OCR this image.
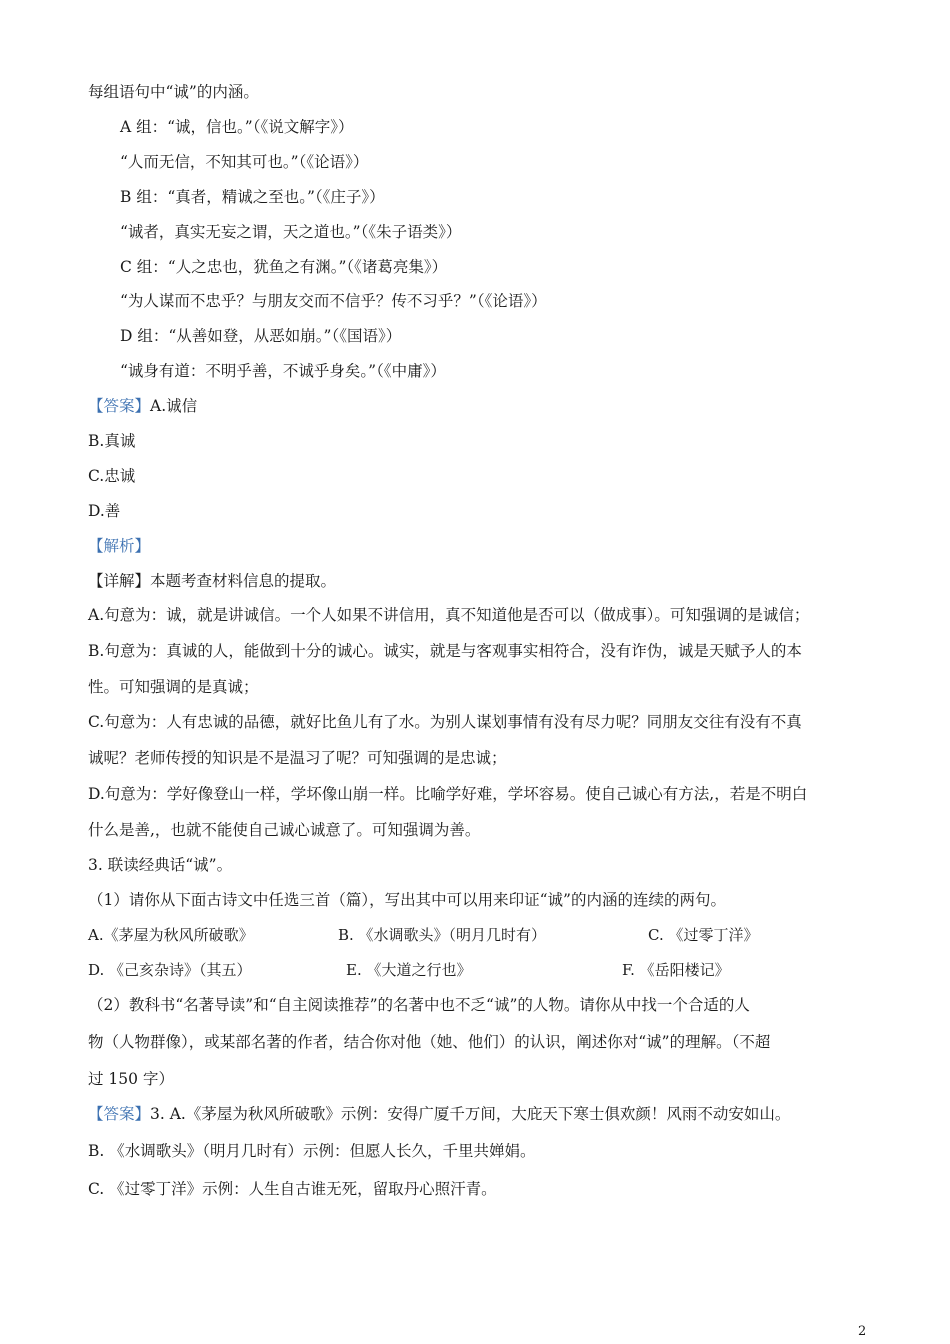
每组语句中“诚”的内涵。
A 组：“诚，信也。”（《说文解字》）
“人而无信，不知其可也。”（《论语》）
B 组：“真者，精诚之至也。”（《庄子》）
“诚者，真实无妄之谓，天之道也。”（《朱子语类》）
C 组：“人之忠也，犹鱼之有渊。”（《诸葛亮集》）
“为人谋而不忠乎？与朋友交而不信乎？传不习乎？”（《论语》）
D 组：“从善如登，从恶如崩。”（《国语》）
“诚身有道：不明乎善，不诚乎身矣。”（《中庸》）
【答案】A.诚信
B.真诚
C.忠诚
D.善
【解析】
【详解】本题考查材料信息的提取。
A.句意为：诚，就是讲诚信。一个人如果不讲信用，真不知道他是否可以（做成事）。可知强调的是诚信；
B.句意为：真诚的人，能做到十分的诚心。诚实，就是与客观事实相符合，没有诈伪，诚是天赋予人的本
性。可知强调的是真诚；
C.句意为：人有忠诚的品德，就好比鱼儿有了水。为别人谋划事情有没有尽力呢？同朋友交往有没有不真
诚呢？老师传授的知识是不是温习了呢？可知强调的是忠诚；
D.句意为：学好像登山一样，学坏像山崩一样。比喻学好难，学坏容易。使自己诚心有方法,，若是不明白
什么是善,，也就不能使自己诚心诚意了。可知强调为善。
3. 联读经典话“诚”。
（1）请你从下面古诗文中任选三首（篇），写出其中可以用来印证“诚”的内涵的连续的两句。
A.《茅屋为秋风所破歌》	B. 《水调歌头》（明月几时有）	C. 《过零丁洋》
D. 《己亥杂诗》（其五）	E. 《大道之行也》	F. 《岳阳楼记》
（2）教科书“名著导读”和“自主阅读推荐”的名著中也不乏“诚”的人物。请你从中找一个合适的人
物（人物群像），或某部名著的作者，结合你对他（她、他们）的认识，阐述你对“诚”的理解。（不超
过 150 字）
【答案】3. A.《茅屋为秋风所破歌》示例：安得广厦千万间，大庇天下寒士俱欢颜！风雨不动安如山。
B. 《水调歌头》（明月几时有）示例：但愿人长久，千里共婵娟。
C. 《过零丁洋》示例：人生自古谁无死，留取丹心照汗青。
2
